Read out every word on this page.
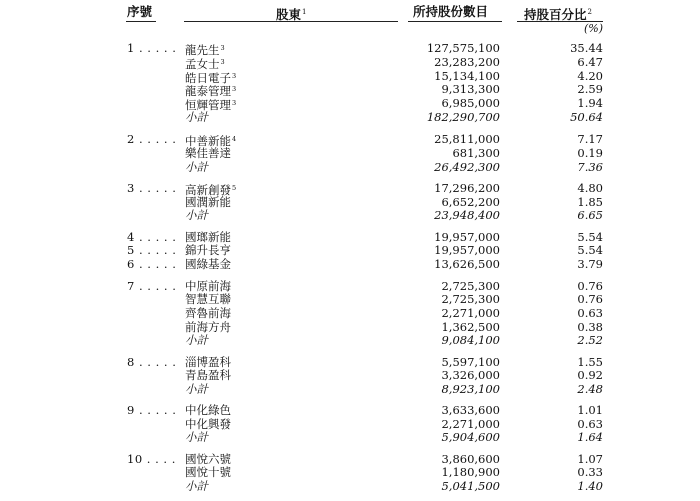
序號	股東$^1$	所持股份數目	持股百分比$^2$
(%)
1 . . . . . 龍先生$^3$	127,575,100	35.44
孟女士$^3$	23,283,200	6.47
皓日電子$^3$	15,134,100	4.20
龍泰管理$^3$	9,313,300	2.59
恒輝管理$^3$	6,985,000	1.94
小計	182,290,700	50.64
2 . . . . . 中善新能$^4$	25,811,000	7.17
樂佳善達	681,300	0.19
小計	26,492,300	7.36
3 . . . . . 高新創發$^5$	17,296,200	4.80
國潤新能	6,652,200	1.85
小計	23,948,400	6.65
4 . . . . . 國瑯新能	19,957,000	5.54
5 . . . . . 錦升長亨	19,957,000	5.54
6 . . . . . 國綠基金	13,626,500	3.79
7 . . . . . 中原前海	2,725,300	0.76
智慧互聯	2,725,300	0.76
齊魯前海	2,271,000	0.63
前海方舟	1,362,500	0.38
小計	9,084,100	2.52
8 . . . . . 淄博盈科	5,597,100	1.55
青島盈科	3,326,000	0.92
小計	8,923,100	2.48
9 . . . . . 中化綠色	3,633,600	1.01
中化興發	2,271,000	0.63
小計	5,904,600	1.64
10 . . . . 國悅六號	3,860,600	1.07
國悅十號	1,180,900	0.33
小計	5,041,500	1.40
